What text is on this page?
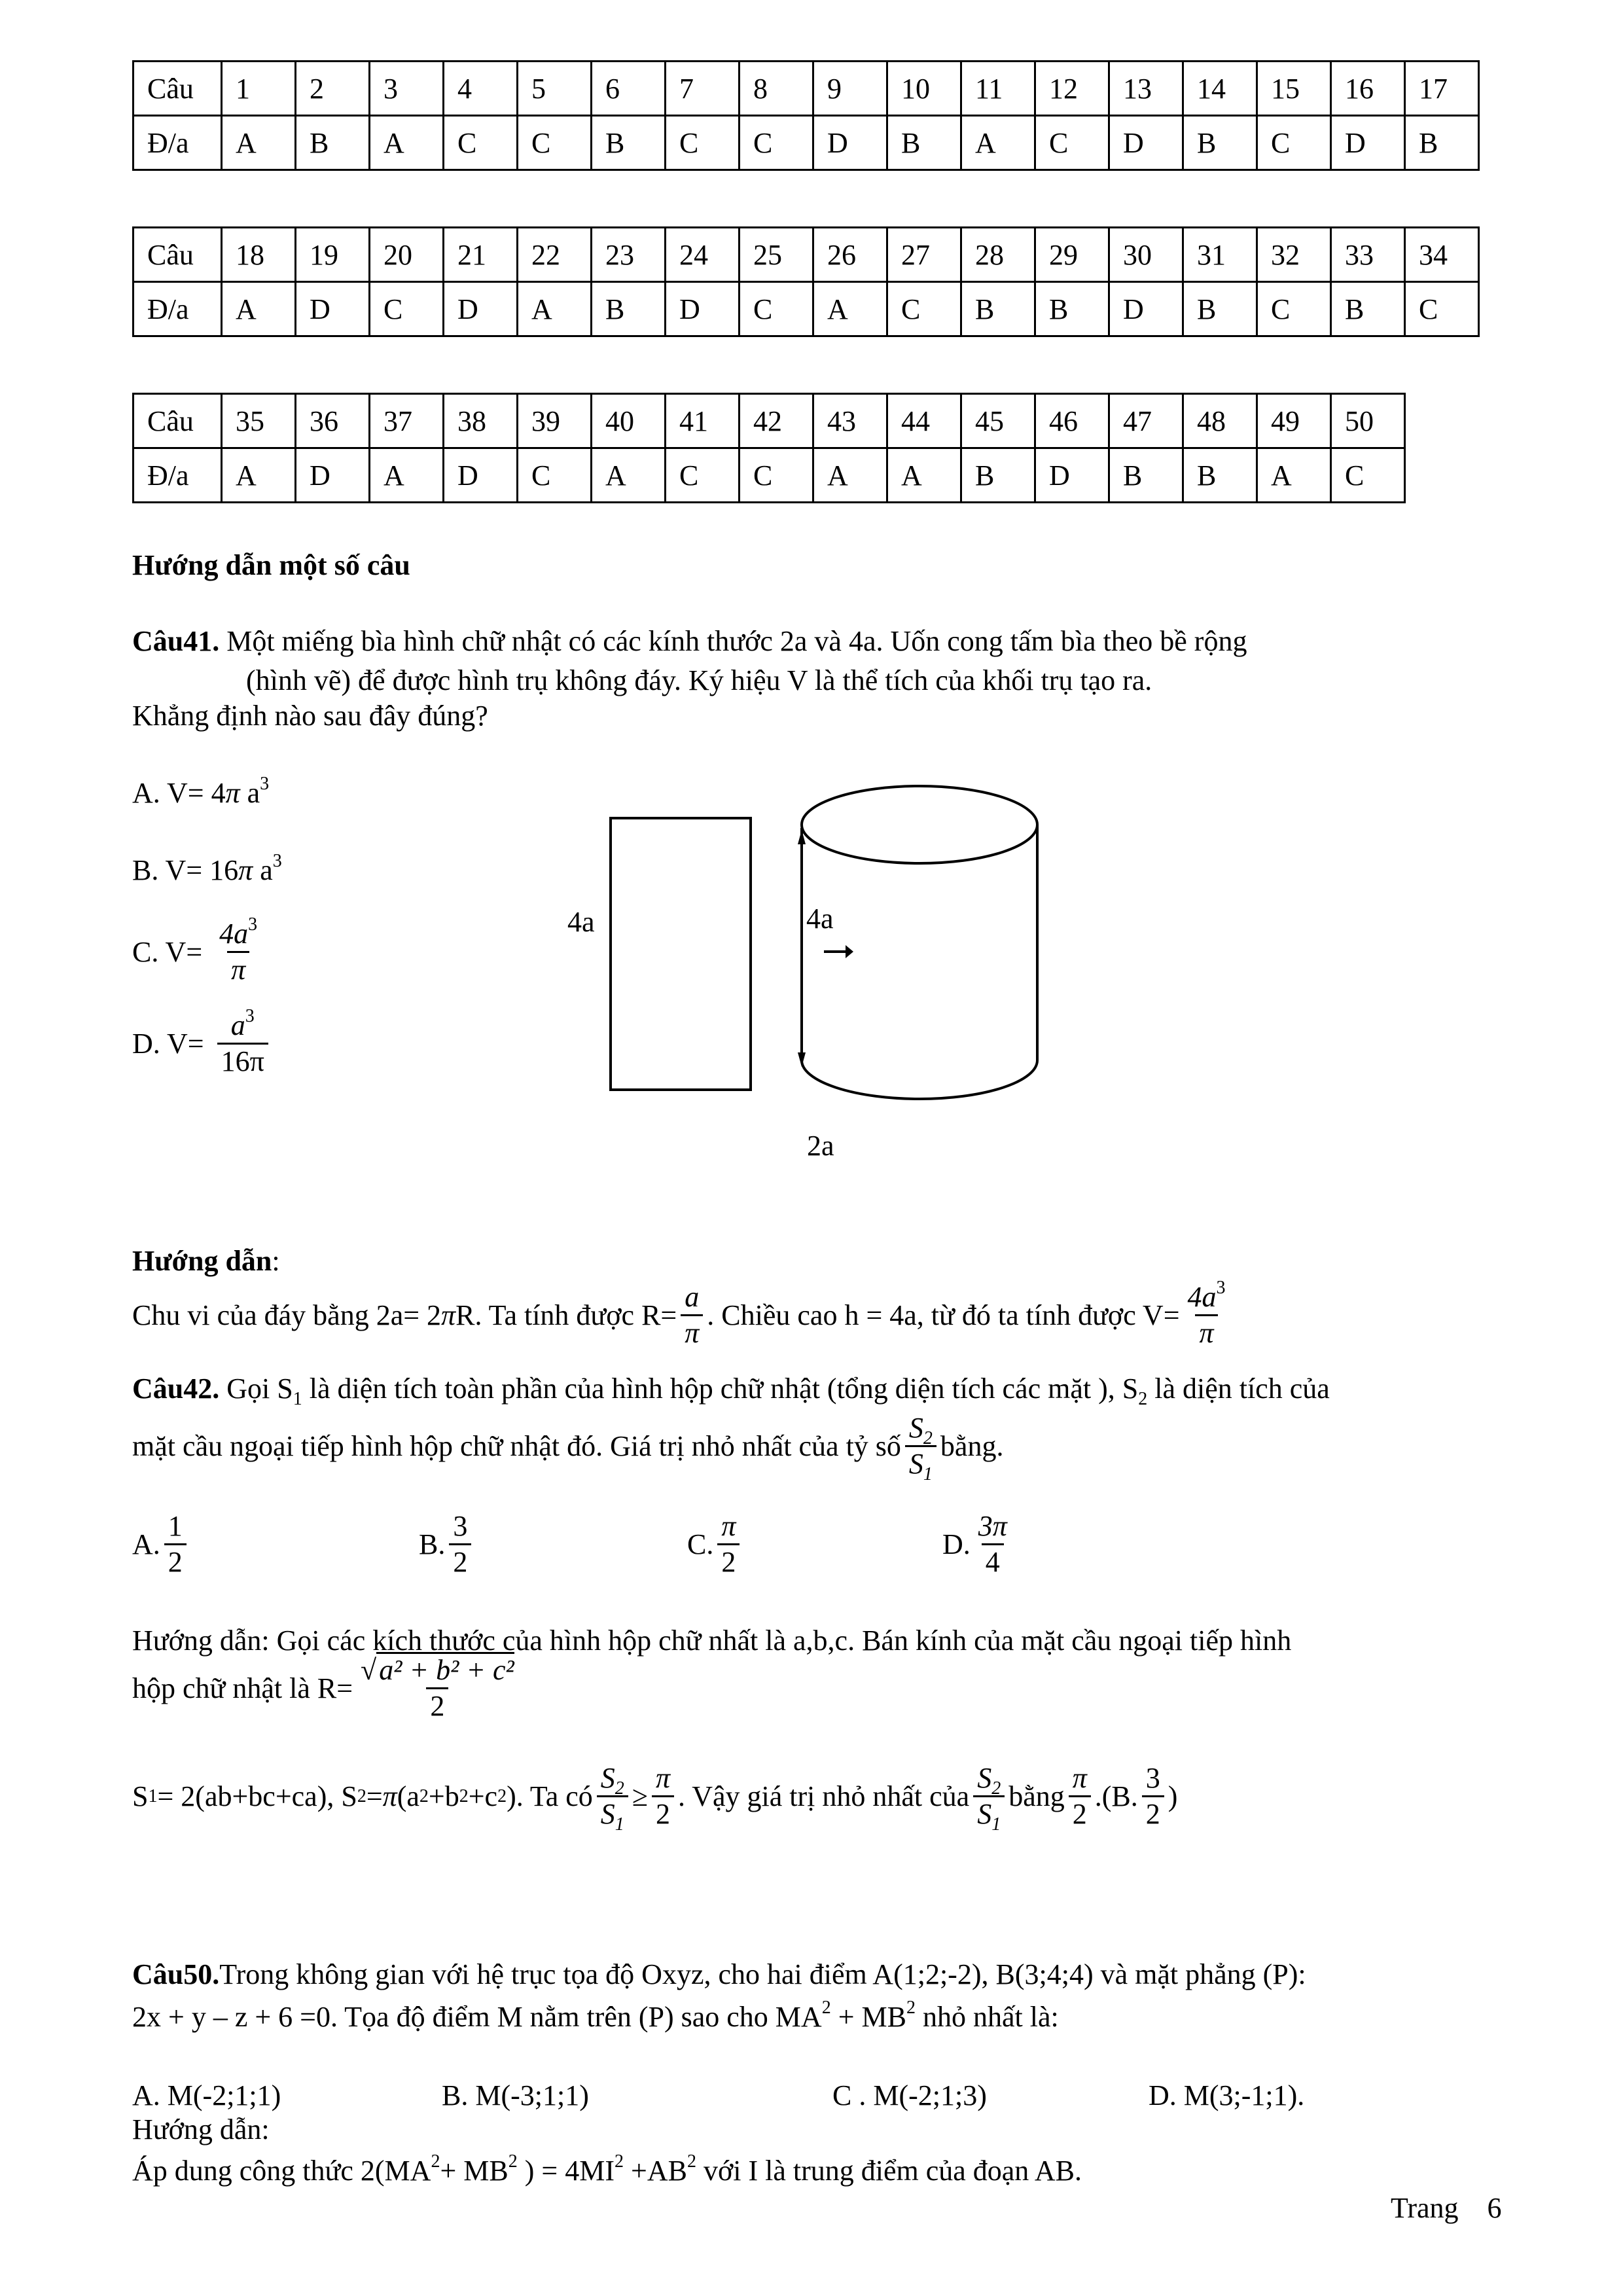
Câu	1	2	3	4	5	6	7	8	9	10	11	12	13	14	15	16	17
Đ/a	A	B	A	C	C	B	C	C	D	B	A	C	D	B	C	D	B
Câu	18	19	20	21	22	23	24	25	26	27	28	29	30	31	32	33	34
Đ/a	A	D	C	D	A	B	D	C	A	C	B	B	D	B	C	B	C
Câu	35	36	37	38	39	40	41	42	43	44	45	46	47	48	49	50
Đ/a	A	D	A	D	C	A	C	C	A	A	B	D	B	B	A	C
Hướng dẫn một số câu
Câu41. Một miếng bìa hình chữ nhật có các kính thước 2a và 4a. Uốn cong tấm bìa theo bề rộng
(hình vẽ) để được hình trụ không đáy. Ký hiệu V là thể tích của khối trụ tạo ra.
Khẳng định nào sau đây đúng?
A. V= 4π $a^3$
B. V= 16π $a^3$
C. $V= \frac{4a^3}{\pi}$
D. $V= \frac{a^3}{16\pi}$
4a
2a
4a
Hướng dẫn:
Chu vi của đáy bằng 2a= 2 π R. Ta tính được $R= \frac{a}{\pi}$ . Chiều cao h = 4a, từ đó ta tính được $V= \frac{4a^3}{\pi}$
Câu42. Gọi $S_1$ là diện tích toàn phần của hình hộp chữ nhật (tổng diện tích các mặt ), $S_2$ là diện tích của
mặt cầu ngoại tiếp hình hộp chữ nhật đó. Giá trị nhỏ nhất của tỷ số $\frac{S_2}{S_1}$ bằng.
A. $\frac{1}{2}$	B. $\frac{3}{2}$	C. $\frac{\pi}{2}$	D. $\frac{3\pi}{4}$
Hướng dẫn: Gọi các kích thước của hình hộp chữ nhất là a,b,c. Bán kính của mặt cầu ngoại tiếp hình
hộp chữ nhật là $R= \frac{\text{√a² + b² + c²}}{2}$
S 1 = 2(ab+bc+ca), S 2 = π (a 2 +b 2 +c 2 ). Ta có $\frac{S_2}{S_1} \ge \frac{\pi}{2}$ . Vậy giá trị nhỏ nhất của $\frac{S_2}{S_1}$ bằng $\frac{\pi}{2} .(B$. $\frac{3}{2}$ )
Câu50.Trong không gian với hệ trục tọa độ Oxyz, cho hai điểm A(1;2;-2), B(3;4;4) và mặt phẳng (P):
2x + y – z + 6 =0. Tọa độ điểm M nằm trên (P) sao cho $MA^2 + MB^2$ nhỏ nhất là:
A. M(-2;1;1)	B. M(-3;1;1)	C . M(-2;1;3)	D. M(3;-1;1).
Hướng dẫn:
Áp dung công thức $2(MA^2+ MB^2$ ) = $4MI^2 +AB^2$ với I là trung điểm của đoạn AB.
Trang 6
